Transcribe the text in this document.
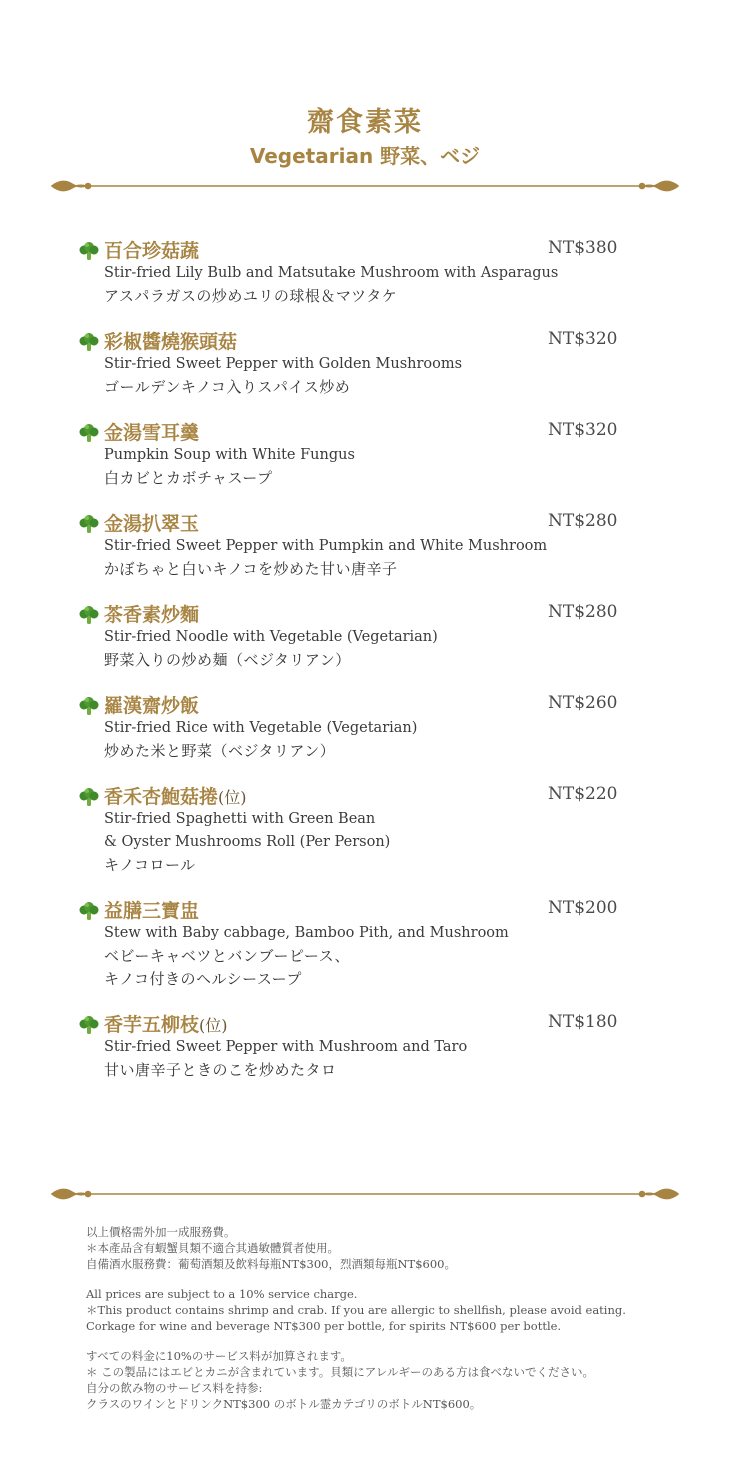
齋食素菜
Vegetarian 野菜、ベジ
百合珍菇蔬	NT$380
Stir-fried Lily Bulb and Matsutake Mushroom with Asparagus
アスパラガスの炒めユリの球根＆マツタケ
彩椒醬燒猴頭菇	NT$320
Stir-fried Sweet Pepper with Golden Mushrooms
ゴールデンキノコ入りスパイス炒め
金湯雪耳羹	NT$320
Pumpkin Soup with White Fungus
白カビとカボチャスープ
金湯扒翠玉	NT$280
Stir-fried Sweet Pepper with Pumpkin and White Mushroom
かぼちゃと白いキノコを炒めた甘い唐辛子
茶香素炒麵	NT$280
Stir-fried Noodle with Vegetable (Vegetarian)
野菜入りの炒め麺（ベジタリアン）
羅漢齋炒飯	NT$260
Stir-fried Rice with Vegetable (Vegetarian)
炒めた米と野菜（ベジタリアン）
香禾杏鮑菇捲(位)	NT$220
Stir-fried Spaghetti with Green Bean
& Oyster Mushrooms Roll (Per Person)
キノコロール
益膳三寶盅	NT$200
Stew with Baby cabbage, Bamboo Pith, and Mushroom
ベビーキャベツとバンブーピース、
キノコ付きのヘルシースープ
香芋五柳枝(位)	NT$180
Stir-fried Sweet Pepper with Mushroom and Taro
甘い唐辛子ときのこを炒めたタロ
以上價格需外加一成服務費。
＊本產品含有蝦蟹貝類不適合其過敏體質者使用。
自備酒水服務費：葡萄酒類及飲料每瓶NT$300，烈酒類每瓶NT$600。
All prices are subject to a 10% service charge.
＊This product contains shrimp and crab. If you are allergic to shellfish, please avoid eating.
Corkage for wine and beverage NT$300 per bottle, for spirits NT$600 per bottle.
すべての料金に10%のサービス料が加算されます。
＊ この製品にはエビとカニが含まれています。貝類にアレルギーのある方は食べないでください。
自分の飲み物のサービス料を持参:
クラスのワインとドリンクNT$300 のボトル霊カテゴリのボトルNT$600。
